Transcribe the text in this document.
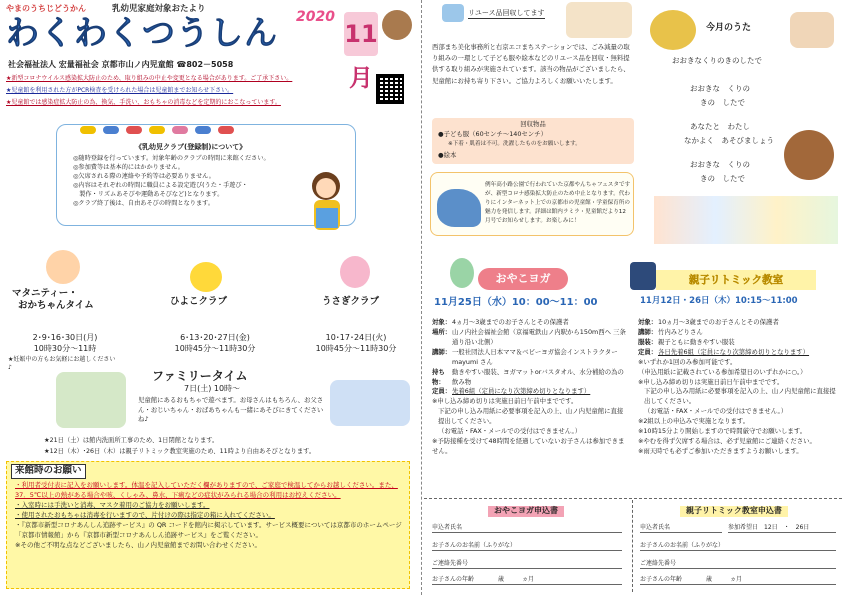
やまのうちじどうかん	乳幼児家庭対象おたより
わくわくつうしん 2020
11月
社会福祉法人 宏量福祉会 京都市山ノ内児童館 ☎802－5058
★新型コロナウイルス感染拡大防止のため、取り組みの中止や変更となる場合があります。ご了承下さい。
★児童館を利用された方がPCR検査を受けられた場合は児童館までお知らせ下さい。
★児童館では感染症拡大防止の為、換気、手洗い、おもちゃの消毒などを定期的におこなっています。
《乳幼児クラブ(登録制)について》
◎随時登録を行っています。対象年齢のクラブの時間に来館ください。
◎参加費等は基本的にはかかりません。
◎欠席される際の連絡や予約等は必要ありません。
◎内容はそれぞれの時間に職員による設定遊び(うた・手遊び・
　製作・リズムあそびや運動あそびなど)となります。
◎クラブ終了後は、自由あそびの時間となります。

マタニティー・
おかちゃんタイム
2･9･16･30日(月)
10時30分～11時
★妊娠中の方もお気軽にお越しください♪
ひよこクラブ
6･13･20･27日(金)
10時45分～11時30分
うさぎクラブ
10･17･24日(火)
10時45分～11時30分
ファミリータイム
7日(土) 10時～
児童館にあるおもちゃで遊べます。お母さんはもちろん、お父さん・おじいちゃん・おばあちゃんも一緒にあそびにきてくださいね♪
★21日（土）は館内洗面所工事のため、1日閉館となります。
★12日（木）･26日（木）は親子リトミック教室実施のため、11時より自由あそびとなります。
来館時のお願い
・利用者受付表に記入をお願いします。体温を記入していただく欄がありますので、ご家庭で検温してからお越しください。また、37．5℃以上の熱がある場合や咳、くしゃみ、鼻水、下痢などの症状がみられる場合の利用はお控えください。
・入室時には手洗いと消毒、マスク着用のご協力をお願いします。
・使用されたおもちゃは消毒を行いますので、片付けの際は指定の箱に入れてください。
・『京都市新型コロナあんしん追跡サービス』の QR コードを館内に掲示しています。サービス概要については京都市のホームページ「京都市情報館」から『京都市新型コロナあんしん追跡サービス』をご覧ください。
※その他ご不明な点などございましたら、山ノ内児童館までお問い合わせください。
リユース品回収してます
西部まち美化事務所と右京エコまちステーションでは、ごみ減量の取り組みの一環として子ども服や絵本などのリユース品を回収・無料提供する取り組みが実施されています。該当の物品がございましたら、児童館にお持ち寄り下さい。ご協力よろしくお願いいたします。
回収物品
●子ども服（60センチ～140センチ）
※下着・肌着は不可。洗濯したものをお願いします。
●絵本
例年高小路公園で行われていた京都やんちゃフェスタですが、新型コロナ感染拡大防止のため中止となります。代わりにインターネット上での京都市の児童館・学童保育所の魅力を発信します。詳細は館内ラミラ・児童館だより12月号でお知らせします。お楽しみに！
今月のうた
おおきなくりのきのしたで
おおきな　くりの
きの　したで
あなたと　わたし
なかよく　あそびましょう
おおきな　くりの
きの　したで
おやこヨガ	親子リトミック教室
11月25日（水）10：00～11：00	11月12日・26日（木）10:15～11:00
対象： 4ヵ月～3歳までのお子さんとその保護者
場所： 山ノ内社会福祉会館（京福電鉄山ノ内駅から150m西へ 三条通り沿い北側）
講師： 一般社団法人日本ママ＆ベビーヨガ協会インストラクター mayumi さん
持ち物：
動きやすい服装、ヨガマットorバスタオル、水分補給の為の飲み物
定員： 先着6組（定員になり次第締め切りとなります）
※申し込み締め切りは実施日前日午前中までです。
下記の申し込み用紙に必要事項を記入の上、山ノ内児童館に直接提出してください。
（お電話・FAX・メールでの受付はできません。）
※予防接種を受けて48時間を経過していないお子さんは参加できません。
対象： 10ヵ月～3歳までのお子さんとその保護者
講師： 竹内みどりさん
服装： 親子ともに動きやすい服装
定員： 各日先着6組（定員になり次第締め切りとなります）
※いずれか1回のみ参加可能です。
（申込用紙に記載されている参加希望日のいずれかに○。）
※申し込み締め切りは実施日前日午前中までです。
下記の申し込み用紙に必要事項を記入の上、山ノ内児童館に直接提出してください。
（お電話・FAX・メールでの受付はできません。）
※2組以上の申込みで実施となります。
※10時15分より開始しますので時間厳守でお願いします。
※やむを得ず欠席する場合は、必ず児童館にご連絡ください。
※雨天時でも必ずご参加いただきますようお願いします。
おやこヨガ申込書
申込者氏名
お子さんのお名前（ふりがな）
ご連絡先番号
お子さんの年齢　　　　歳　　　ヵ月
親子リトミック教室申込書
申込者氏名	参加希望日　12日　・　26日
お子さんのお名前（ふりがな）
ご連絡先番号
お子さんの年齢　　　　歳　　　ヵ月
